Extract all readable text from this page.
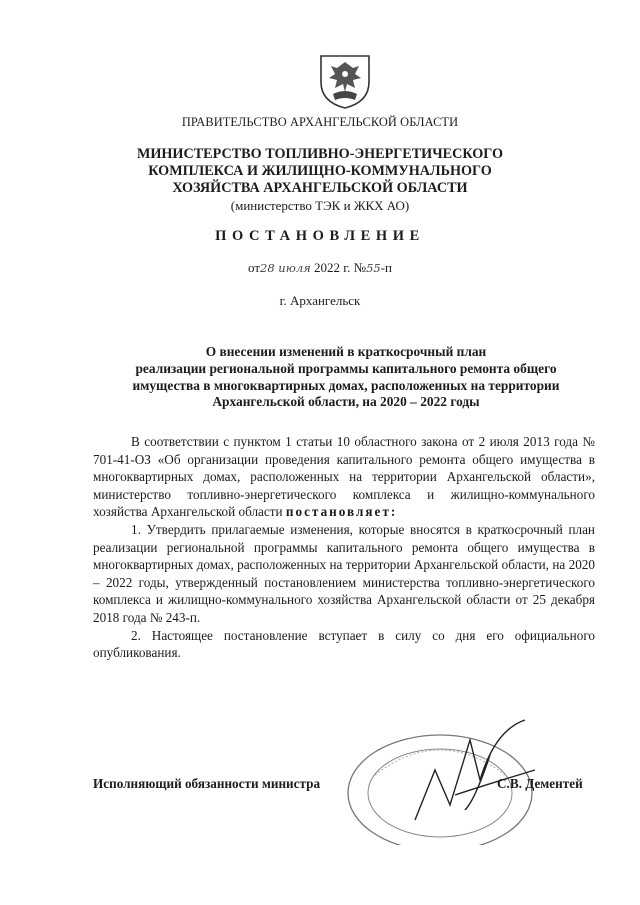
ПРАВИТЕЛЬСТВО АРХАНГЕЛЬСКОЙ ОБЛАСТИ
МИНИСТЕРСТВО ТОПЛИВНО-ЭНЕРГЕТИЧЕСКОГО
КОМПЛЕКСА И ЖИЛИЩНО-КОММУНАЛЬНОГО
ХОЗЯЙСТВА АРХАНГЕЛЬСКОЙ ОБЛАСТИ
(министерство ТЭК и ЖКХ АО)
ПОСТАНОВЛЕНИЕ
от28 июля 2022 г. №55-п
г. Архангельск
О внесении изменений в краткосрочный план
реализации региональной программы капитального ремонта общего
имущества в многоквартирных домах, расположенных на территории
Архангельской области, на 2020 – 2022 годы

В соответствии с пунктом 1 статьи 10 областного закона от 2 июля 2013 года № 701-41-ОЗ «Об организации проведения капитального ремонта общего имущества в многоквартирных домах, расположенных на территории Архангельской области», министерство топливно-энергетического комплекса и жилищно-коммунального хозяйства Архангельской области постановляет:

1. Утвердить прилагаемые изменения, которые вносятся в краткосрочный план реализации региональной программы капитального ремонта общего имущества в многоквартирных домах, расположенных на территории Архангельской области, на 2020 – 2022 годы, утвержденный постановлением министерства топливно-энергетического комплекса и жилищно-коммунального хозяйства Архангельской области от 25 декабря 2018 года № 243-п.

2. Настоящее постановление вступает в силу со дня его официального опубликования.

Исполняющий обязанности министра	С.В. Дементей
